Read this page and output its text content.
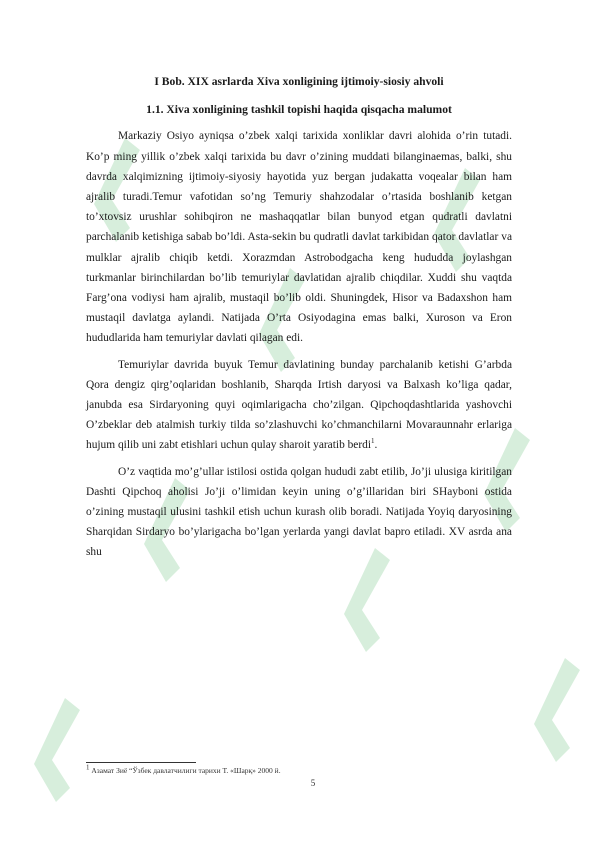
I Bob. XIX asrlarda Xiva xonligining ijtimoiy-siosiy ahvoli

1.1. Xiva xonligining tashkil topishi haqida qisqacha malumot

Markaziy Osiyo ayniqsa o’zbek xalqi tarixida xonliklar davri alohida o’rin tutadi. Ko’p ming yillik o’zbek xalqi tarixida bu davr o’zining muddati bilanginaemas, balki, shu davrda xalqimizning ijtimoiy-siyosiy hayotida yuz bergan judakatta voqealar bilan ham ajralib turadi.Temur vafotidan so’ng Temuriy shahzodalar o’rtasida boshlanib ketgan to’xtovsiz urushlar sohibqiron ne mashaqqatlar bilan bunyod etgan qudratli davlatni parchalanib ketishiga sabab bo’ldi. Asta-sekin bu qudratli davlat tarkibidan qator davlatlar va mulklar ajralib chiqib ketdi. Xorazmdan Astrobodgacha keng hududda joylashgan turkmanlar birinchilardan bo’lib temuriylar davlatidan ajralib chiqdilar. Xuddi shu vaqtda Farg’ona vodiysi ham ajralib, mustaqil bo’lib oldi. Shuningdek, Hisor va Badaxshon ham mustaqil davlatga aylandi. Natijada O’rta Osiyodagina emas balki, Xuroson va Eron hududlarida ham temuriylar davlati qilagan edi.

Temuriylar davrida buyuk Temur davlatining bunday parchalanib ketishi G’arbda Qora dengiz qirg’oqlaridan boshlanib, Sharqda Irtish daryosi va Balxash ko’liga qadar, janubda esa Sirdaryoning quyi oqimlarigacha cho’zilgan. Qipchoqdashtlarida yashovchi O’zbeklar deb atalmish turkiy tilda so’zlashuvchi ko’chmanchilarni Movaraunnahr erlariga hujum qilib uni zabt etishlari uchun qulay sharoit yaratib berdi$^1$.

O’z vaqtida mo’g’ullar istilosi ostida qolgan hududi zabt etilib, Jo’ji ulusiga kiritilgan Dashti Qipchoq aholisi Jo’ji o’limidan keyin uning o’g’illaridan biri SHayboni ostida o’zining mustaqil ulusini tashkil etish uchun kurash olib boradi. Natijada Yoyiq daryosining Sharqidan Sirdaryo bo’ylarigacha bo’lgan yerlarda yangi davlat bapro etiladi. XV asrda ana shu

$^1$ Азамат Зиё “Ўзбек давлатчилиги тарихи Т. «Шарқ» 2000 й.
5
